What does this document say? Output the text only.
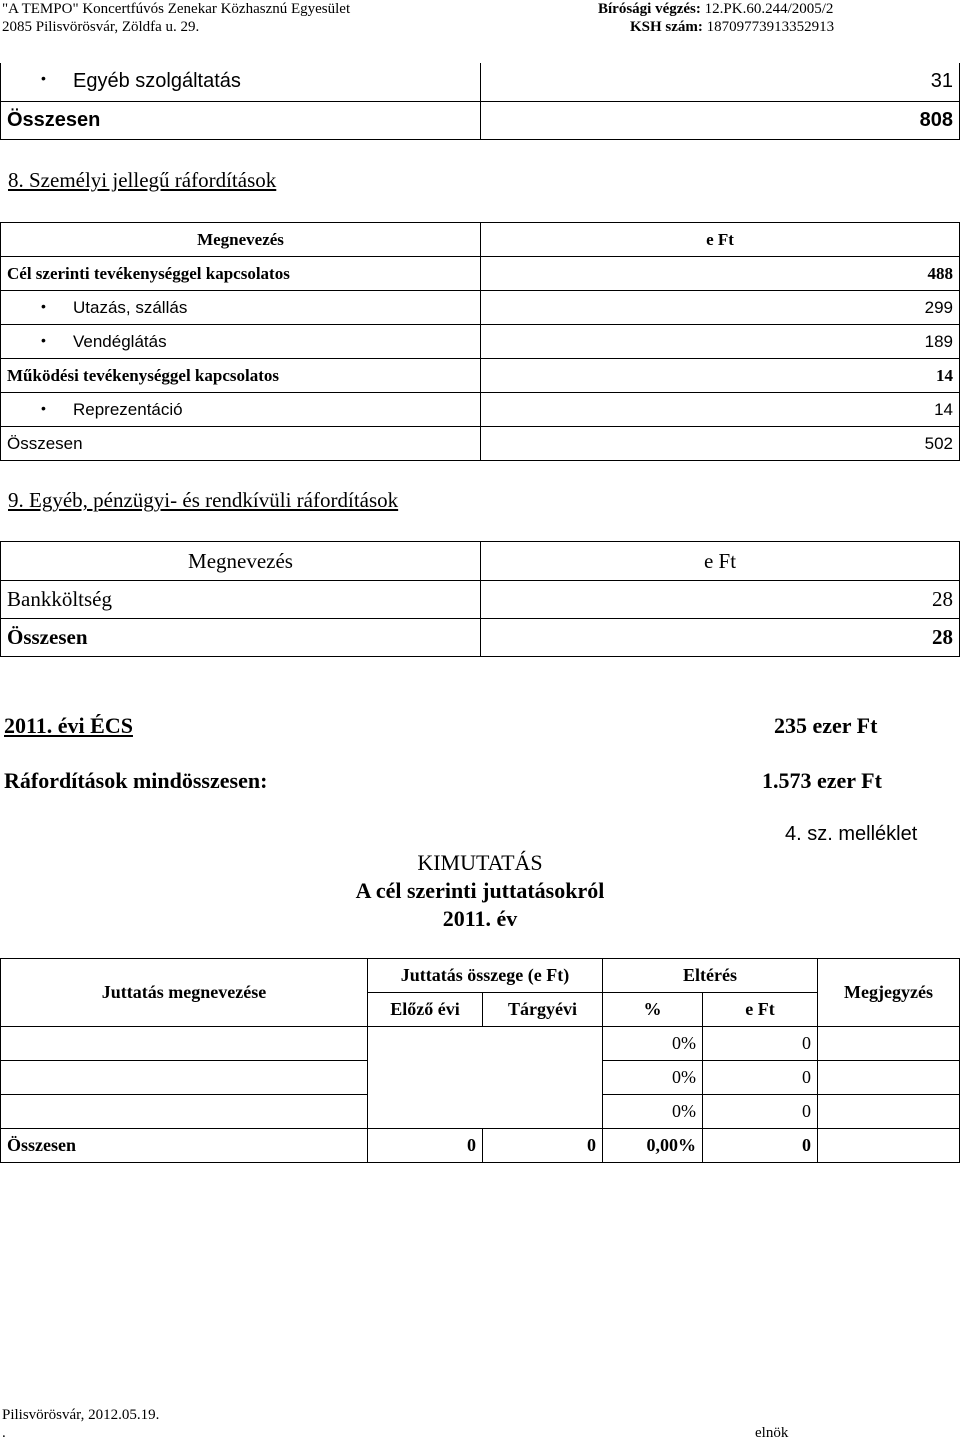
"A TEMPO" Koncertfúvós Zenekar Közhasznú Egyesület
2085 Pilisvörösvár, Zöldfa u. 29.
Bírósági végzés: 12.PK.60.244/2005/2
KSH szám: 18709773913352913
• Egyéb szolgáltatás	31
Összesen	808
8. Személyi jellegű ráfordítások
Megnevezés	e Ft
Cél szerinti tevékenységgel kapcsolatos	488
• Utazás, szállás	299
• Vendéglátás	189
Működési tevékenységgel kapcsolatos	14
• Reprezentáció	14
Összesen	502
9. Egyéb, pénzügyi- és rendkívüli ráfordítások
Megnevezés	e Ft
Bankköltség	28
Összesen	28
2011. évi ÉCS	235 ezer Ft
Ráfordítások mindösszesen:	1.573 ezer Ft
4. sz. melléklet
KIMUTATÁS
A cél szerinti juttatásokról
2011. év
Juttatás megnevezése	Juttatás összege (e Ft)		Eltérés		Megjegyzés
	Előző évi	Tárgyévi	%	e Ft	
			0%	0	
			0%	0	
			0%	0	
Összesen	0	0	0,00%	0	
Pilisvörösvár, 2012.05.19.
.	elnök
